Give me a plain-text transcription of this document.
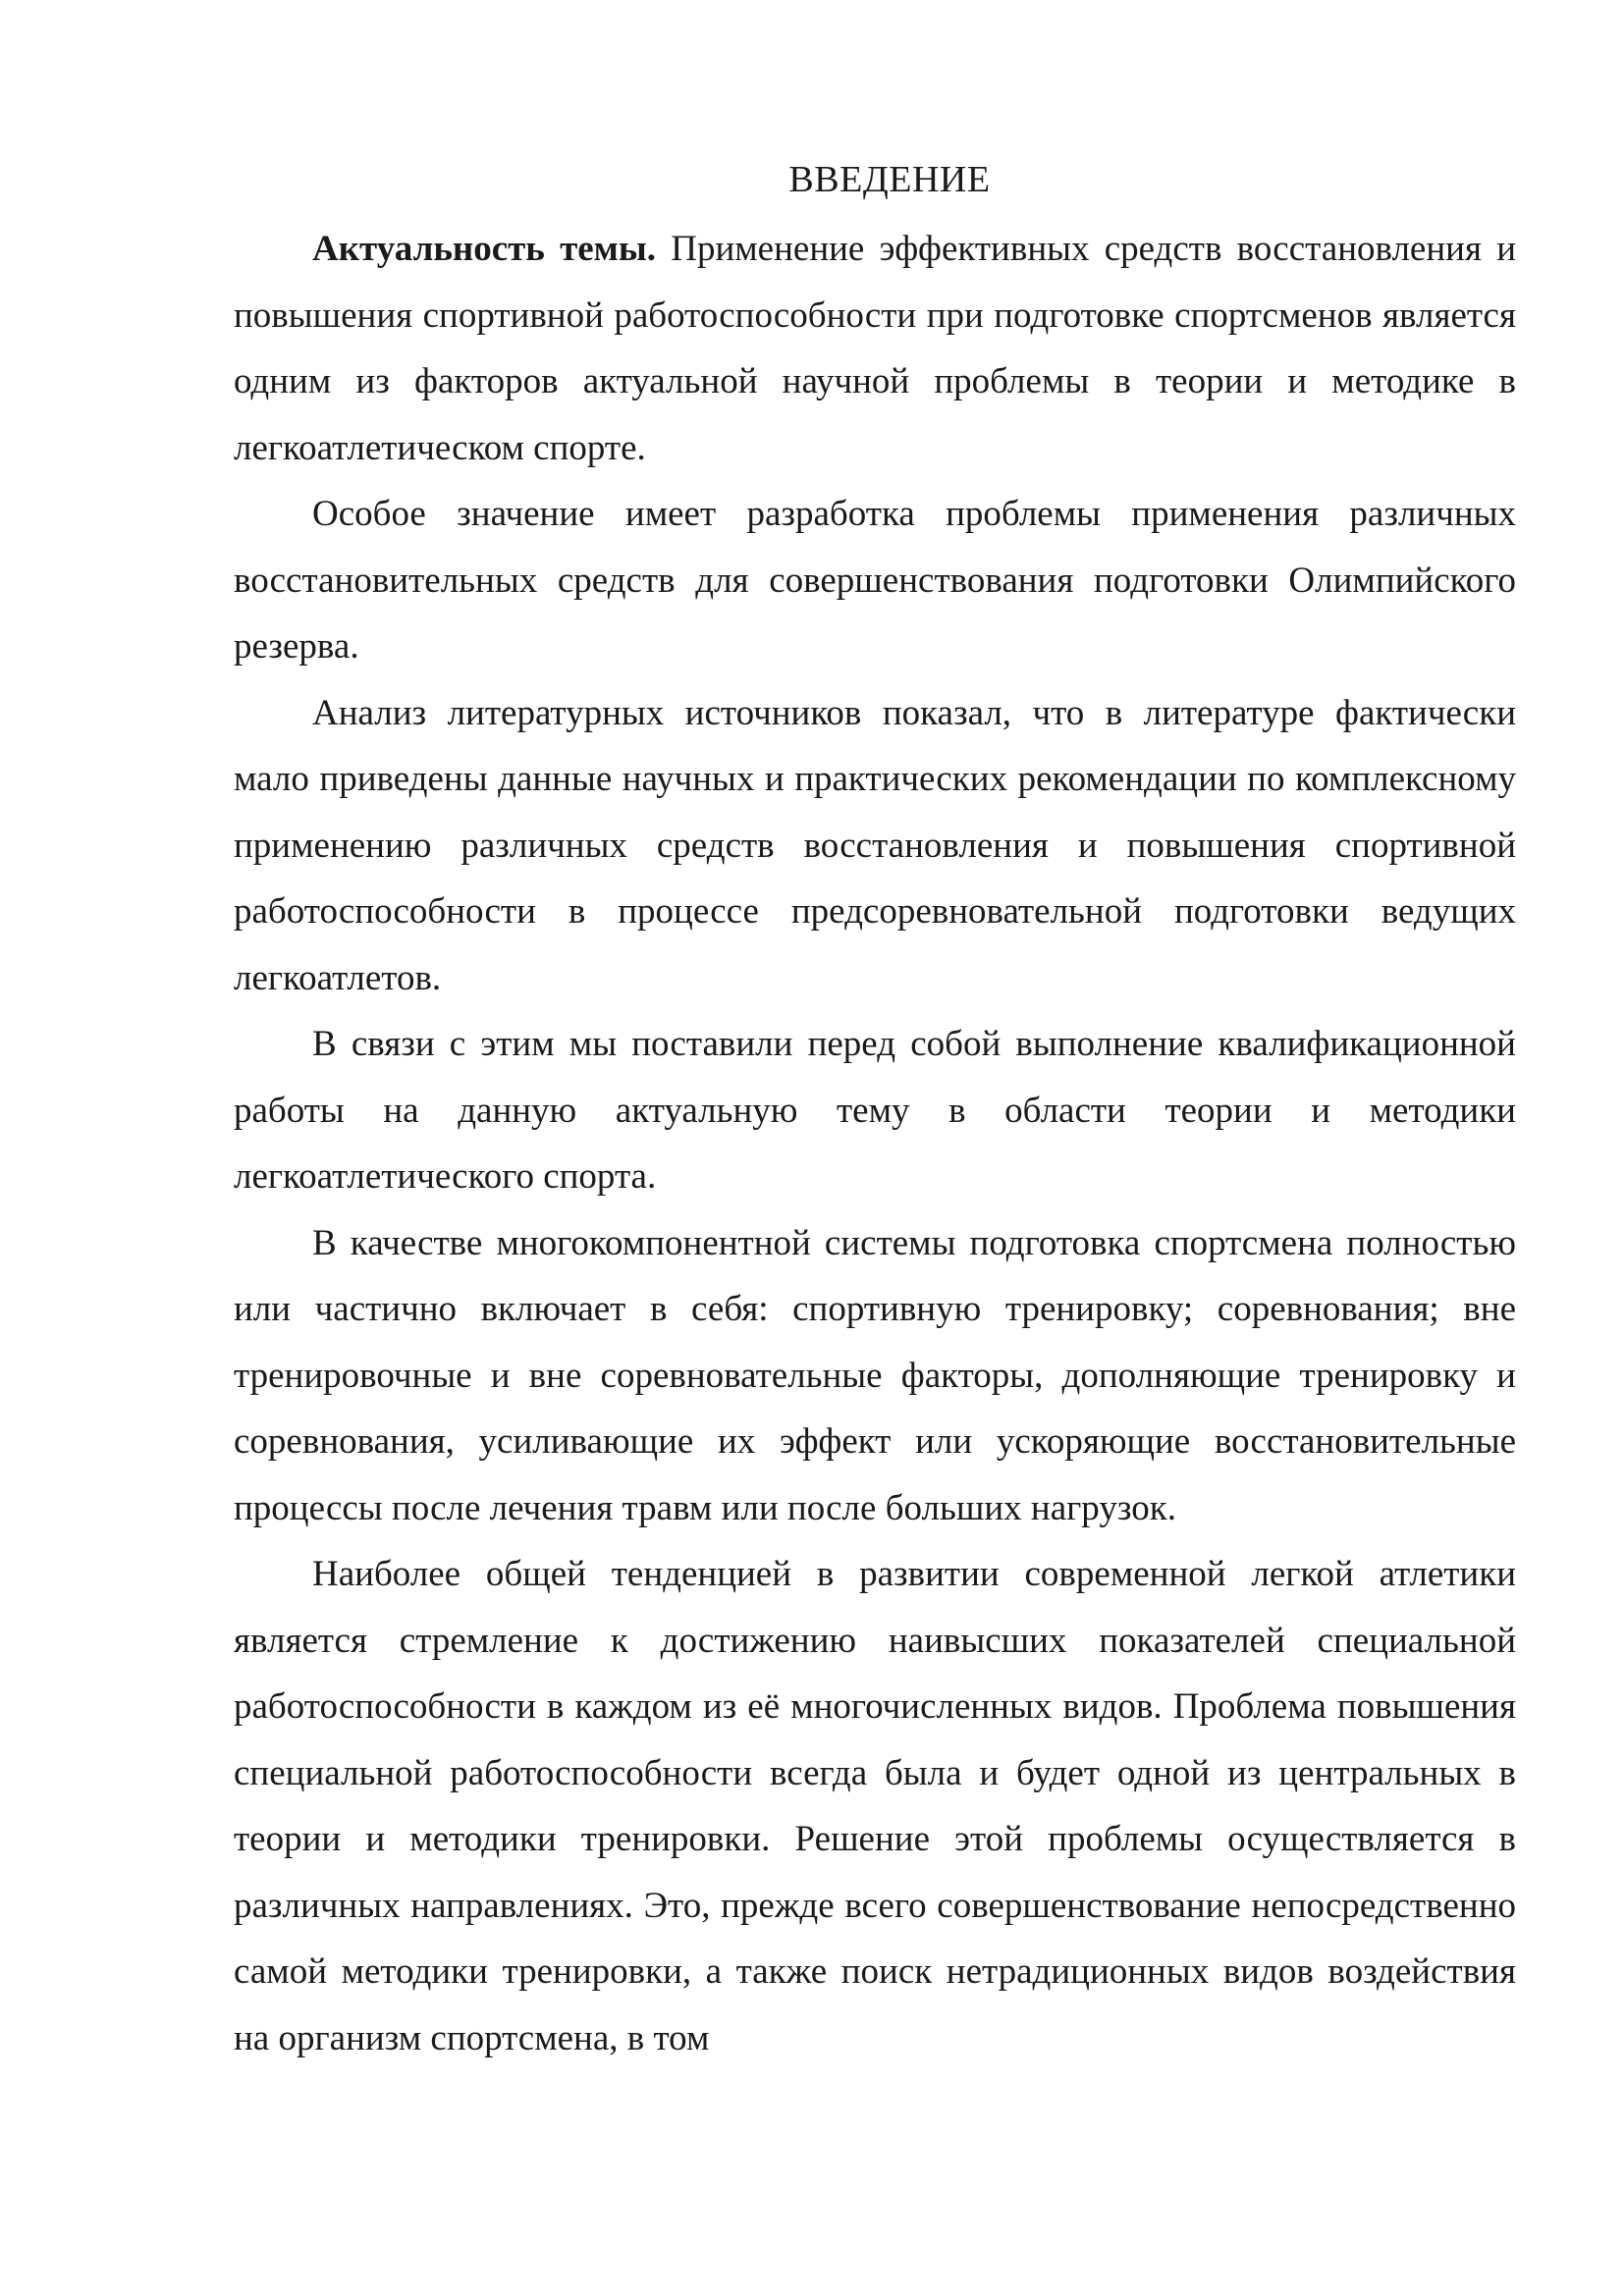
ВВЕДЕНИЕ

Актуальность темы. Применение эффективных средств восстановления и повышения спортивной работоспособности при подготовке спортсменов является одним из факторов актуальной научной проблемы в теории и методике в легкоатлетическом спорте.

Особое значение имеет разработка проблемы применения различных восстановительных средств для совершенствования подготовки Олимпийского резерва.

Анализ литературных источников показал, что в литературе фактически мало приведены данные научных и практических рекомендации по комплексному применению различных средств восстановления и повышения спортивной работоспособности в процессе предсоревновательной подготовки ведущих легкоатлетов.

В связи с этим мы поставили перед собой выполнение квалификационной работы на данную актуальную тему в области теории и методики легкоатлетического спорта.

В качестве многокомпонентной системы подготовка спортсмена полностью или частично включает в себя: спортивную тренировку; соревнования; вне тренировочные и вне соревновательные факторы, дополняющие тренировку и соревнования, усиливающие их эффект или ускоряющие восстановительные процессы после лечения травм или после больших нагрузок.

Наиболее общей тенденцией в развитии современной легкой атлетики является стремление к достижению наивысших показателей специальной работоспособности в каждом из её многочисленных видов. Проблема повышения специальной работоспособности всегда была и будет одной из центральных в теории и методики тренировки. Решение этой проблемы осуществляется в различных направлениях. Это, прежде всего совершенствование непосредственно самой методики тренировки, а также поиск нетрадиционных видов воздействия на организм спортсмена, в том
